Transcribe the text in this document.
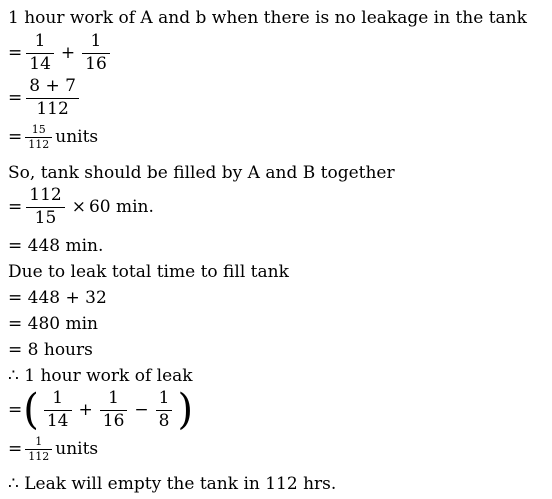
1 hour work of A and b when there is no leakage in the tank
= $\frac{1}{14} + \frac{1}{16}$
= $\frac{8 + 7}{112}$
= $\frac{15}{112}$ units
So, tank should be filled by A and B together
= $\frac{112}{15} \times 60$ min.
= 448 min.
Due to leak total time to fill tank
= 448 + 32
= 480 min
= 8 hours
∴ 1 hour work of leak
= ( $\frac{1}{14} + \frac{1}{16} - \frac{1}{8}$ )
= $\frac{1}{112}$ units
∴ Leak will empty the tank in 112 hrs.
